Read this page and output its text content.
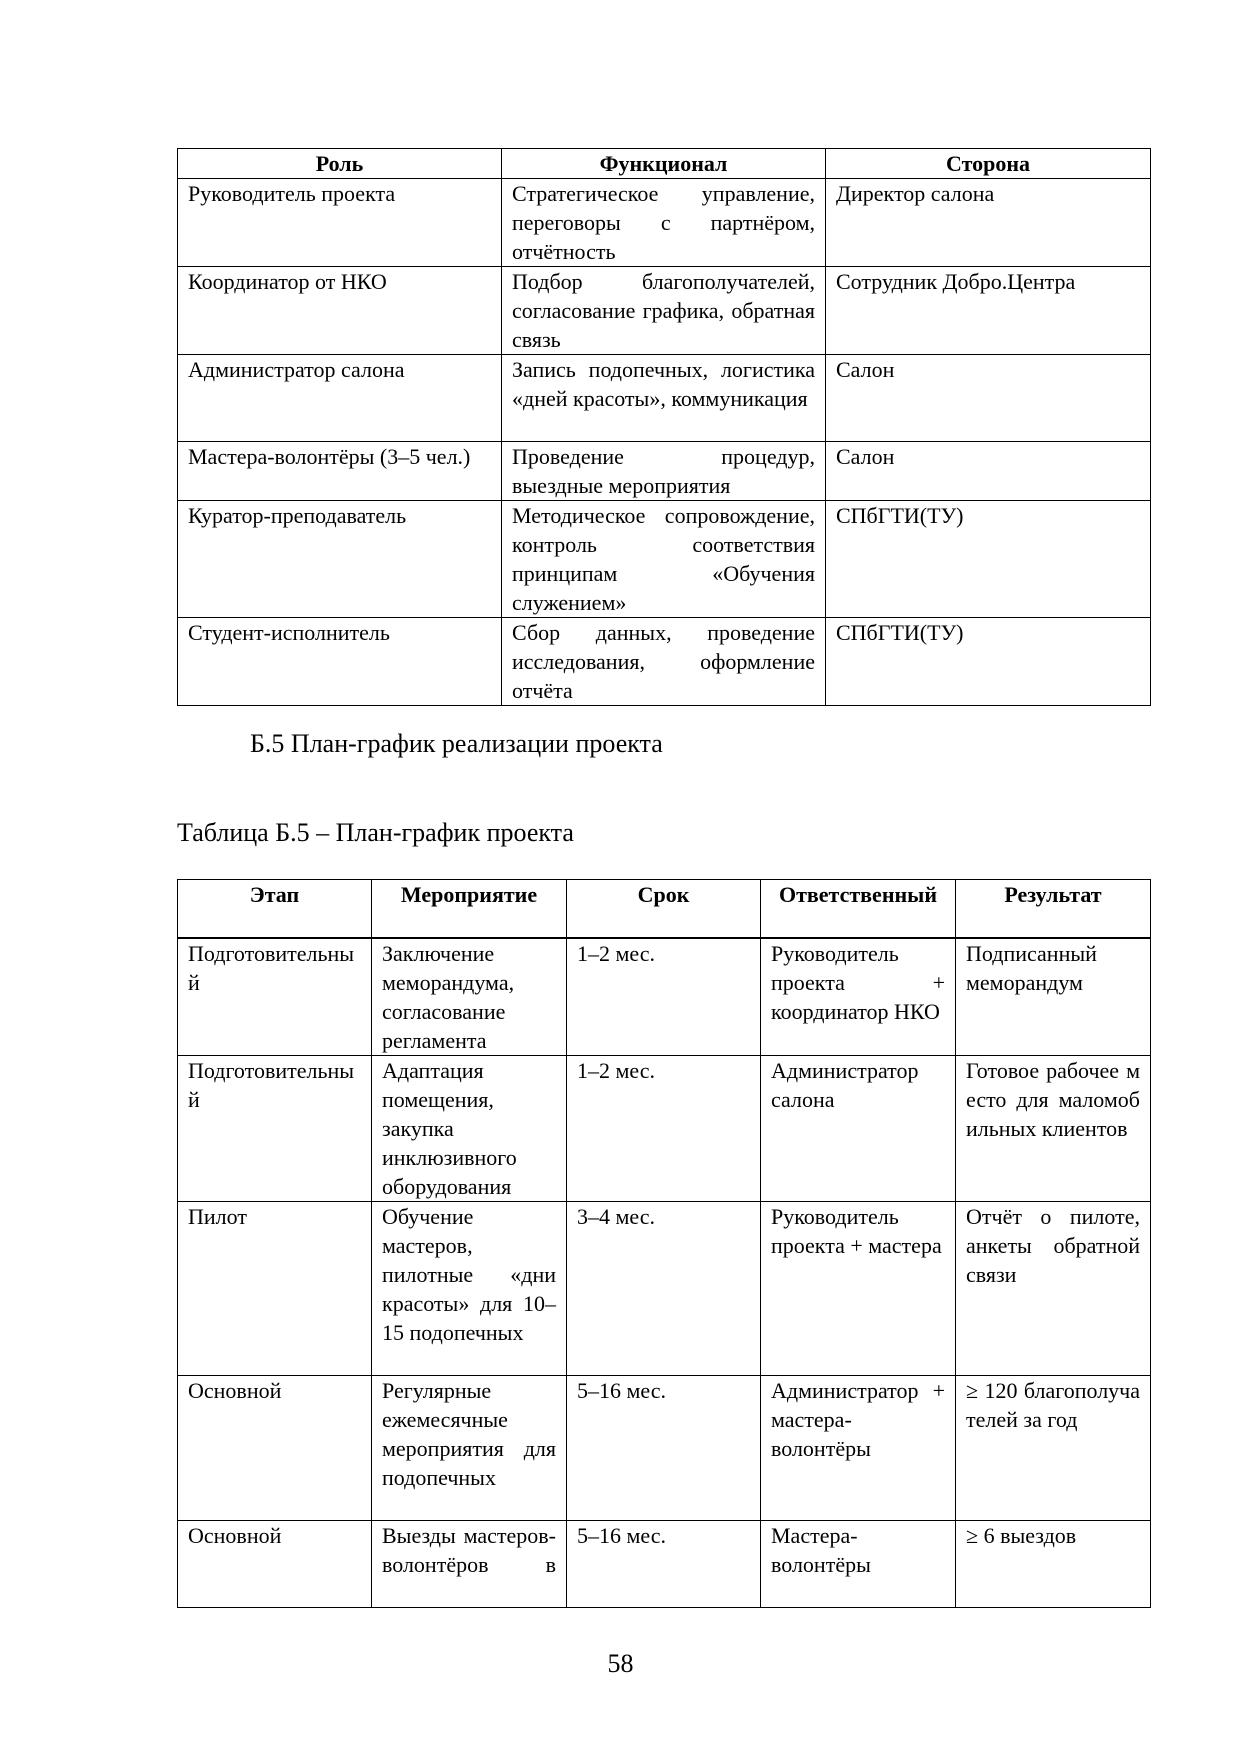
Роль	Функционал	Сторона
Руководитель проекта	Стратегическое управление, переговоры с партнёром, отчётность	Директор салона
Координатор от НКО	Подбор благополучателей, согласование графика, обратная связь	Сотрудник Добро.Центра
Администратор салона	Запись подопечных, логистика «дней красоты», коммуникация	Салон
Мастера-волонтёры (3–5 чел.)	Проведение процедур, выездные мероприятия	Салон
Куратор-преподаватель	Методическое сопровождение, контроль соответствия принципам «Обучения служением»	СПбГТИ(ТУ)
Студент-исполнитель	Сбор данных, проведение исследования, оформление отчёта	СПбГТИ(ТУ)
Б.5 План-график реализации проекта
Таблица Б.5 – План-график проекта
Этап	Мероприятие	Срок	Ответственный	Результат
Подготовительный	Заключение меморандума, согласование регламента	1–2 мес.	Руководитель проекта + координатор НКО	Подписанный меморандум
Подготовительный	Адаптация помещения, закупка инклюзивного оборудования	1–2 мес.	Администратор салона	Готовое рабочее место для маломобильных клиентов
Пилот	Обучение мастеров, пилотные «дни красоты» для 10–15 подопечных	3–4 мес.	Руководитель проекта + мастера	Отчёт о пилоте, анкеты обратной связи
Основной	Регулярные ежемесячные мероприятия для подопечных	5–16 мес.	Администратор + мастера-волонтёры	≥ 120 благополучателей за год
Основной	Выезды мастеров-волонтёров в	5–16 мес.	Мастера-волонтёры	≥ 6 выездов
58
